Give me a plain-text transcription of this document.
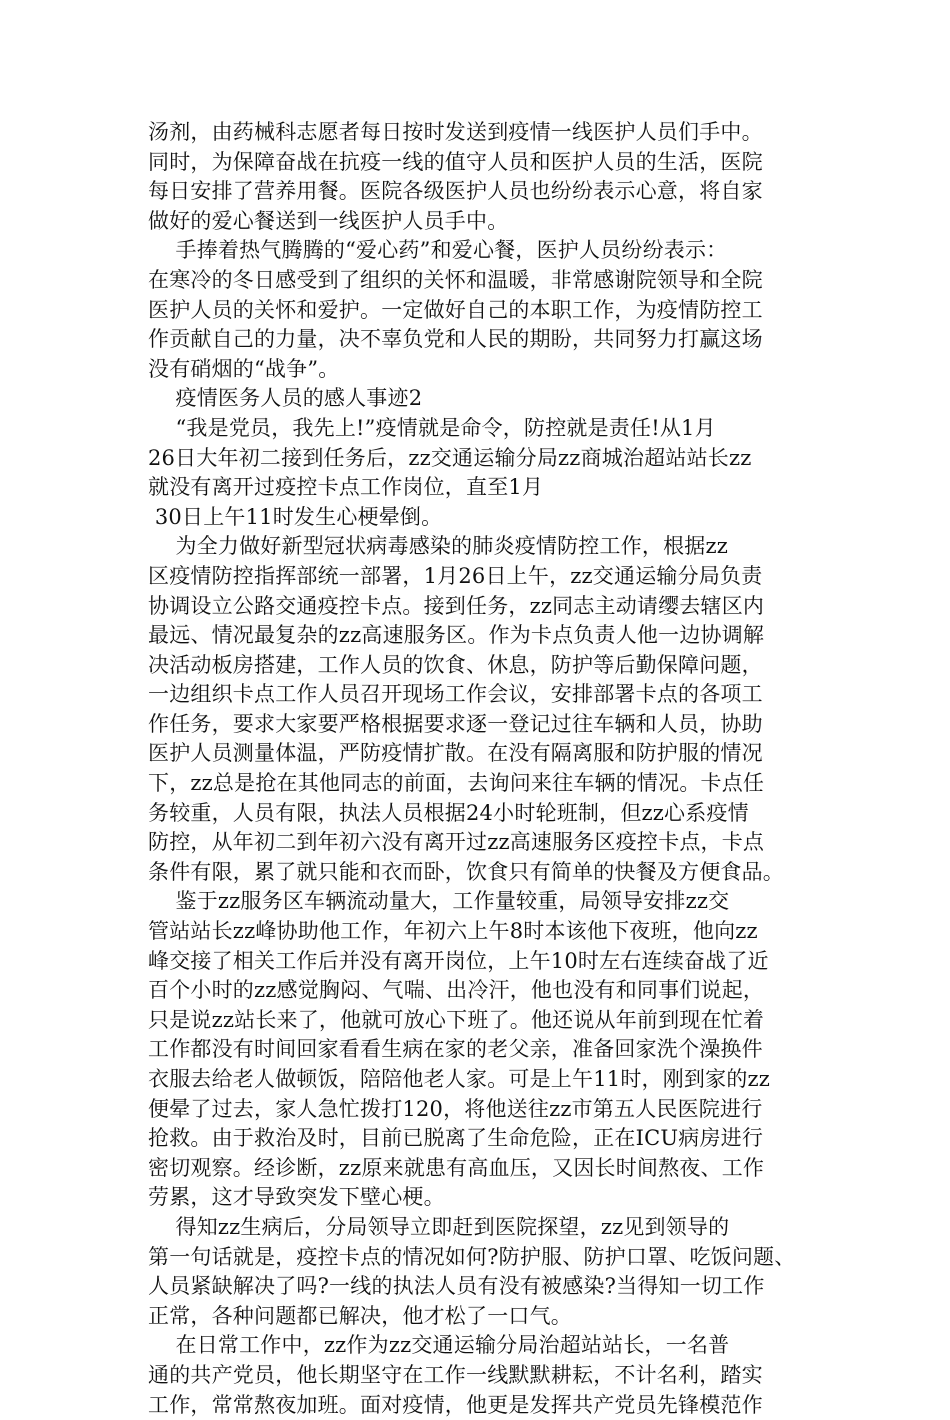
汤剂，由药械科志愿者每日按时发送到疫情一线医护人员们手中。
同时，为保障奋战在抗疫一线的值守人员和医护人员的生活，医院
每日安排了营养用餐。医院各级医护人员也纷纷表示心意，将自家
做好的爱心餐送到一线医护人员手中。
手捧着热气腾腾的“爱心药”和爱心餐，医护人员纷纷表示：
在寒冷的冬日感受到了组织的关怀和温暖，非常感谢院领导和全院
医护人员的关怀和爱护。一定做好自己的本职工作，为疫情防控工
作贡献自己的力量，决不辜负党和人民的期盼，共同努力打赢这场
没有硝烟的“战争”。
疫情医务人员的感人事迹2
“我是党员，我先上!”疫情就是命令，防控就是责任!从1月
26日大年初二接到任务后，zz交通运输分局zz商城治超站站长zz
就没有离开过疫控卡点工作岗位，直至1月
30日上午11时发生心梗晕倒。
为全力做好新型冠状病毒感染的肺炎疫情防控工作，根据zz
区疫情防控指挥部统一部署，1月26日上午，zz交通运输分局负责
协调设立公路交通疫控卡点。接到任务，zz同志主动请缨去辖区内
最远、情况最复杂的zz高速服务区。作为卡点负责人他一边协调解
决活动板房搭建，工作人员的饮食、休息，防护等后勤保障问题，
一边组织卡点工作人员召开现场工作会议，安排部署卡点的各项工
作任务，要求大家要严格根据要求逐一登记过往车辆和人员，协助
医护人员测量体温，严防疫情扩散。在没有隔离服和防护服的情况
下，zz总是抢在其他同志的前面，去询问来往车辆的情况。卡点任
务较重，人员有限，执法人员根据24小时轮班制，但zz心系疫情
防控，从年初二到年初六没有离开过zz高速服务区疫控卡点，卡点
条件有限，累了就只能和衣而卧，饮食只有简单的快餐及方便食品。
鉴于zz服务区车辆流动量大，工作量较重，局领导安排zz交
管站站长zz峰协助他工作，年初六上午8时本该他下夜班，他向zz
峰交接了相关工作后并没有离开岗位，上午10时左右连续奋战了近
百个小时的zz感觉胸闷、气喘、出冷汗，他也没有和同事们说起，
只是说zz站长来了，他就可放心下班了。他还说从年前到现在忙着
工作都没有时间回家看看生病在家的老父亲，准备回家洗个澡换件
衣服去给老人做顿饭，陪陪他老人家。可是上午11时，刚到家的zz
便晕了过去，家人急忙拨打120，将他送往zz市第五人民医院进行
抢救。由于救治及时，目前已脱离了生命危险，正在ICU病房进行
密切观察。经诊断，zz原来就患有高血压，又因长时间熬夜、工作
劳累，这才导致突发下壁心梗。
得知zz生病后，分局领导立即赶到医院探望，zz见到领导的
第一句话就是，疫控卡点的情况如何?防护服、防护口罩、吃饭问题、
人员紧缺解决了吗?一线的执法人员有没有被感染?当得知一切工作
正常，各种问题都已解决，他才松了一口气。
在日常工作中，zz作为zz交通运输分局治超站站长，一名普
通的共产党员，他长期坚守在工作一线默默耕耘，不计名利，踏实
工作，常常熬夜加班。面对疫情，他更是发挥共产党员先锋模范作
